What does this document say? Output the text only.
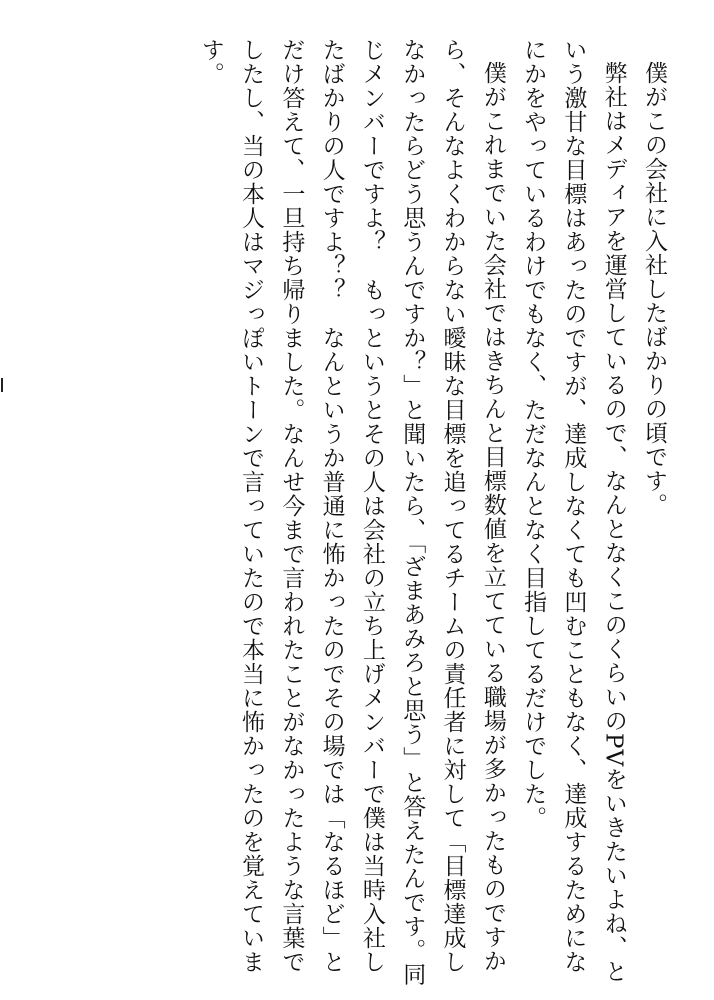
僕がこの会社に入社したばかりの頃です。

弊社はメディアを運営しているので、なんとなくこのくらいのPVをいきたいよね、という激甘な目標はあったのですが、達成しなくても凹むこともなく、達成するためになにかをやっているわけでもなく、ただなんとなく目指してるだけでした。

僕がこれまでいた会社ではきちんと目標数値を立てている職場が多かったものですから、そんなよくわからない曖昧な目標を追ってるチームの責任者に対して「目標達成しなかったらどう思うんですか？」と聞いたら、「ざまあみろと思う」と答えたんです。同じメンバーですよ？　もっというとその人は会社の立ち上げメンバーで僕は当時入社したばかりの人ですよ？？　なんというか普通に怖かったのでその場では「なるほど」とだけ答えて、一旦持ち帰りました。なんせ今まで言われたことがなかったような言葉でしたし、当の本人はマジっぽいトーンで言っていたので本当に怖かったのを覚えています。
